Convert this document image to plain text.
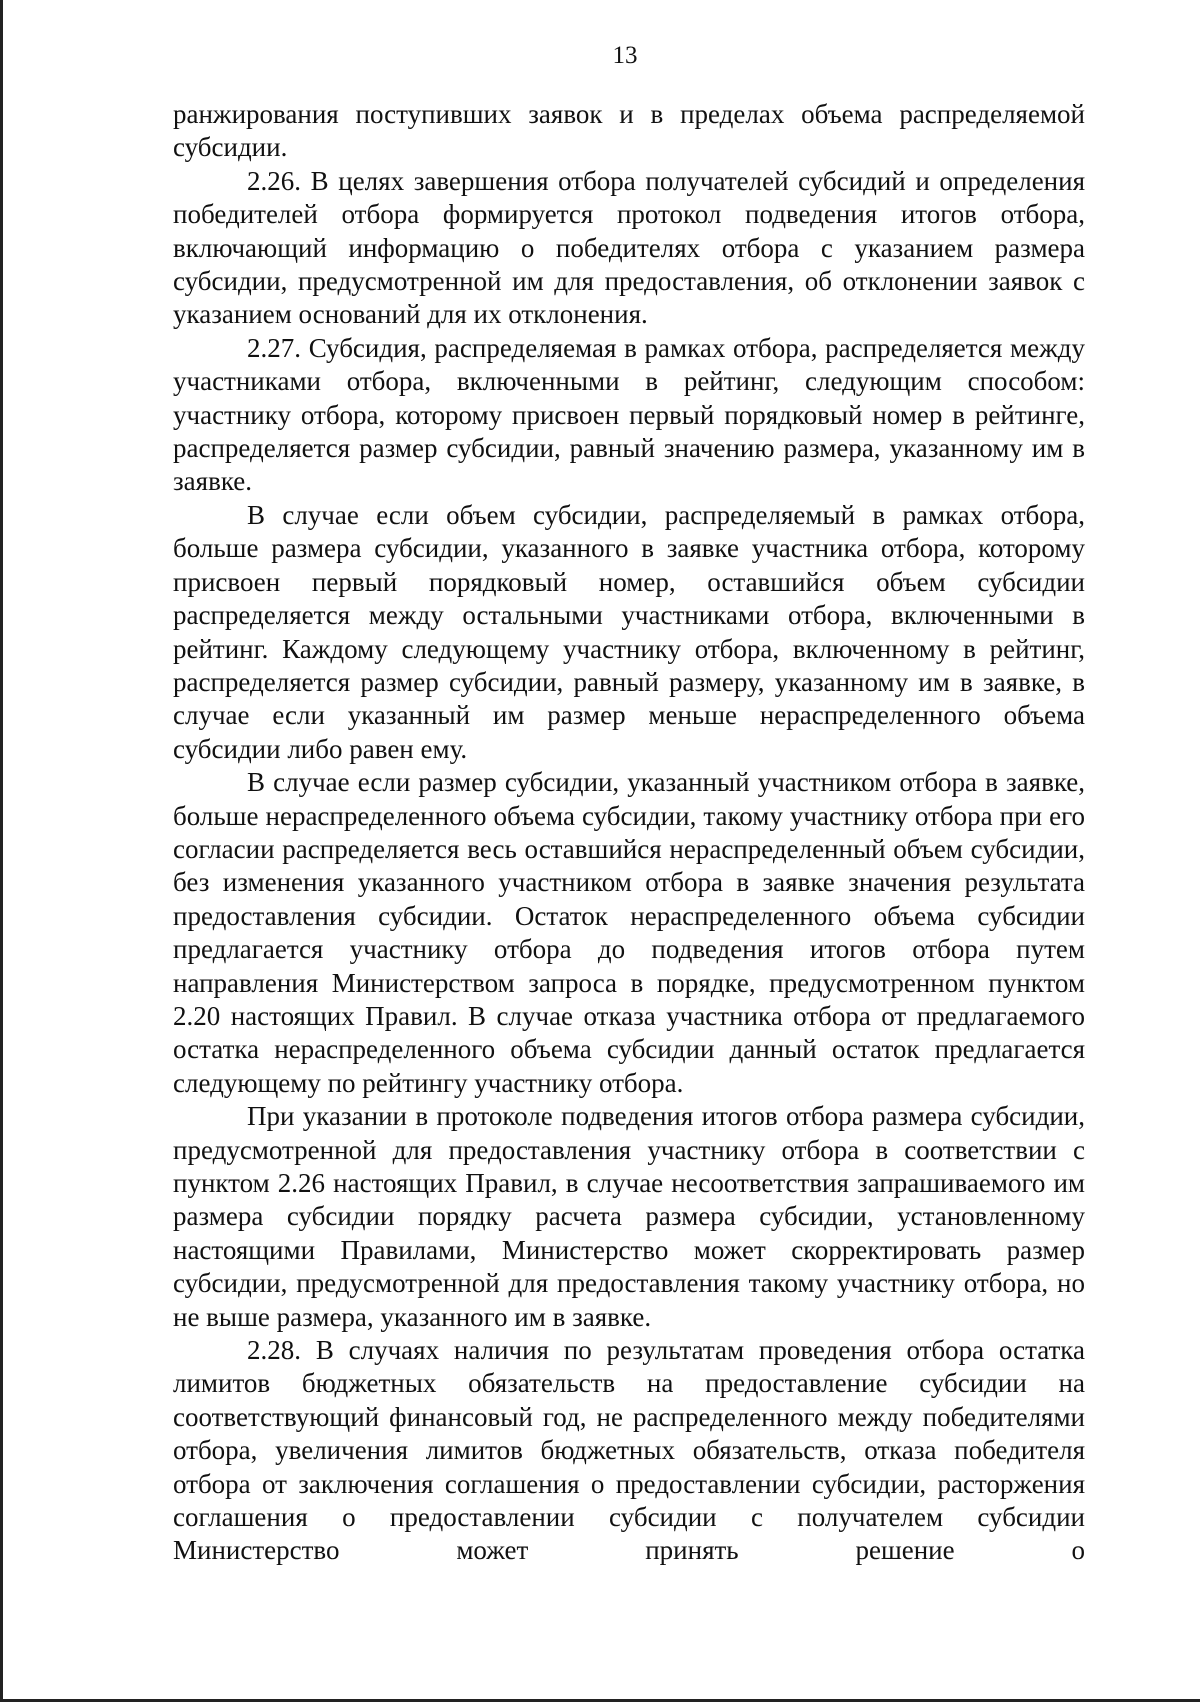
13

ранжирования поступивших заявок и в пределах объема распределяемой субсидии.

2.26. В целях завершения отбора получателей субсидий и определения победителей отбора формируется протокол подведения итогов отбора, включающий информацию о победителях отбора с указанием размера субсидии, предусмотренной им для предоставления, об отклонении заявок с указанием оснований для их отклонения.

2.27. Субсидия, распределяемая в рамках отбора, распределяется между участниками отбора, включенными в рейтинг, следующим способом: участнику отбора, которому присвоен первый порядковый номер в рейтинге, распределяется размер субсидии, равный значению размера, указанному им в заявке.

В случае если объем субсидии, распределяемый в рамках отбора, больше размера субсидии, указанного в заявке участника отбора, которому присвоен первый порядковый номер, оставшийся объем субсидии распределяется между остальными участниками отбора, включенными в рейтинг. Каждому следующему участнику отбора, включенному в рейтинг, распределяется размер субсидии, равный размеру, указанному им в заявке, в случае если указанный им размер меньше нераспределенного объема субсидии либо равен ему.

В случае если размер субсидии, указанный участником отбора в заявке, больше нераспределенного объема субсидии, такому участнику отбора при его согласии распределяется весь оставшийся нераспределенный объем субсидии, без изменения указанного участником отбора в заявке значения результата предоставления субсидии. Остаток нераспределенного объема субсидии предлагается участнику отбора до подведения итогов отбора путем направления Министерством запроса в порядке, предусмотренном пунктом 2.20 настоящих Правил. В случае отказа участника отбора от предлагаемого остатка нераспределенного объема субсидии данный остаток предлагается следующему по рейтингу участнику отбора.

При указании в протоколе подведения итогов отбора размера субсидии, предусмотренной для предоставления участнику отбора в соответствии с пунктом 2.26 настоящих Правил, в случае несоответствия запрашиваемого им размера субсидии порядку расчета размера субсидии, установленному настоящими Правилами, Министерство может скорректировать размер субсидии, предусмотренной для предоставления такому участнику отбора, но не выше размера, указанного им в заявке.

2.28. В случаях наличия по результатам проведения отбора остатка лимитов бюджетных обязательств на предоставление субсидии на соответствующий финансовый год, не распределенного между победителями отбора, увеличения лимитов бюджетных обязательств, отказа победителя отбора от заключения соглашения о предоставлении субсидии, расторжения соглашения о предоставлении субсидии с получателем субсидии Министерство может принять решение о
